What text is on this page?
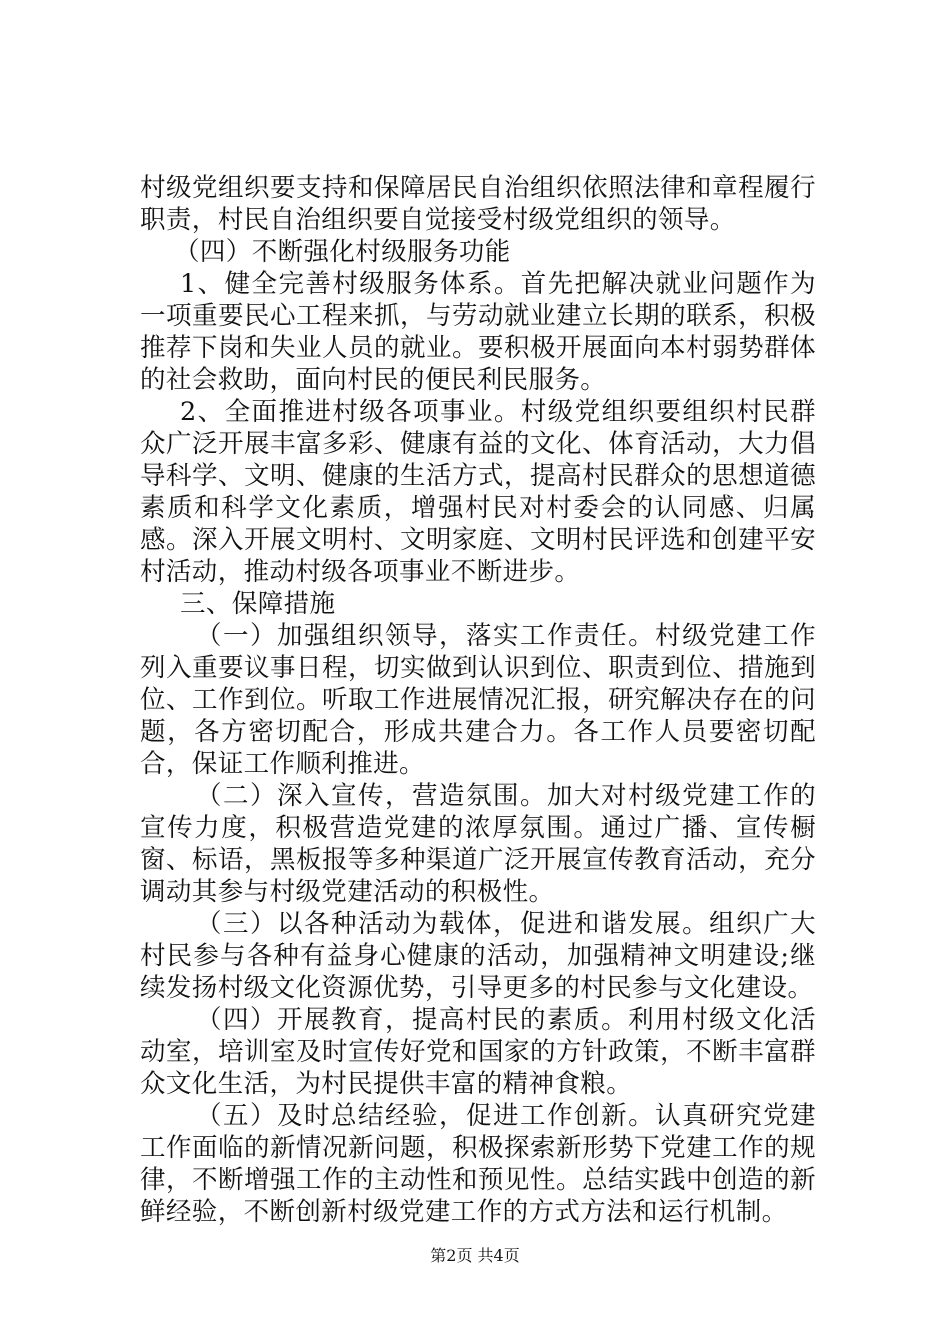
村级党组织要支持和保障居民自治组织依照法律和章程履行职责，村民自治组织要自觉接受村级党组织的领导。

（四）不断强化村级服务功能

1、健全完善村级服务体系。首先把解决就业问题作为一项重要民心工程来抓，与劳动就业建立长期的联系，积极推荐下岗和失业人员的就业。要积极开展面向本村弱势群体的社会救助，面向村民的便民利民服务。

2、全面推进村级各项事业。村级党组织要组织村民群众广泛开展丰富多彩、健康有益的文化、体育活动，大力倡导科学、文明、健康的生活方式，提高村民群众的思想道德素质和科学文化素质，增强村民对村委会的认同感、归属感。深入开展文明村、文明家庭、文明村民评选和创建平安村活动，推动村级各项事业不断进步。

三、保障措施

（一）加强组织领导，落实工作责任。村级党建工作列入重要议事日程，切实做到认识到位、职责到位、措施到位、工作到位。听取工作进展情况汇报，研究解决存在的问题，各方密切配合，形成共建合力。各工作人员要密切配合，保证工作顺利推进。

（二）深入宣传，营造氛围。加大对村级党建工作的宣传力度，积极营造党建的浓厚氛围。通过广播、宣传橱窗、标语，黑板报等多种渠道广泛开展宣传教育活动，充分调动其参与村级党建活动的积极性。

（三）以各种活动为载体，促进和谐发展。组织广大村民参与各种有益身心健康的活动，加强精神文明建设;继续发扬村级文化资源优势，引导更多的村民参与文化建设。

（四）开展教育，提高村民的素质。利用村级文化活动室，培训室及时宣传好党和国家的方针政策，不断丰富群众文化生活，为村民提供丰富的精神食粮。

（五）及时总结经验，促进工作创新。认真研究党建工作面临的新情况新问题，积极探索新形势下党建工作的规律，不断增强工作的主动性和预见性。总结实践中创造的新鲜经验，不断创新村级党建工作的方式方法和运行机制。

第2页 共4页
